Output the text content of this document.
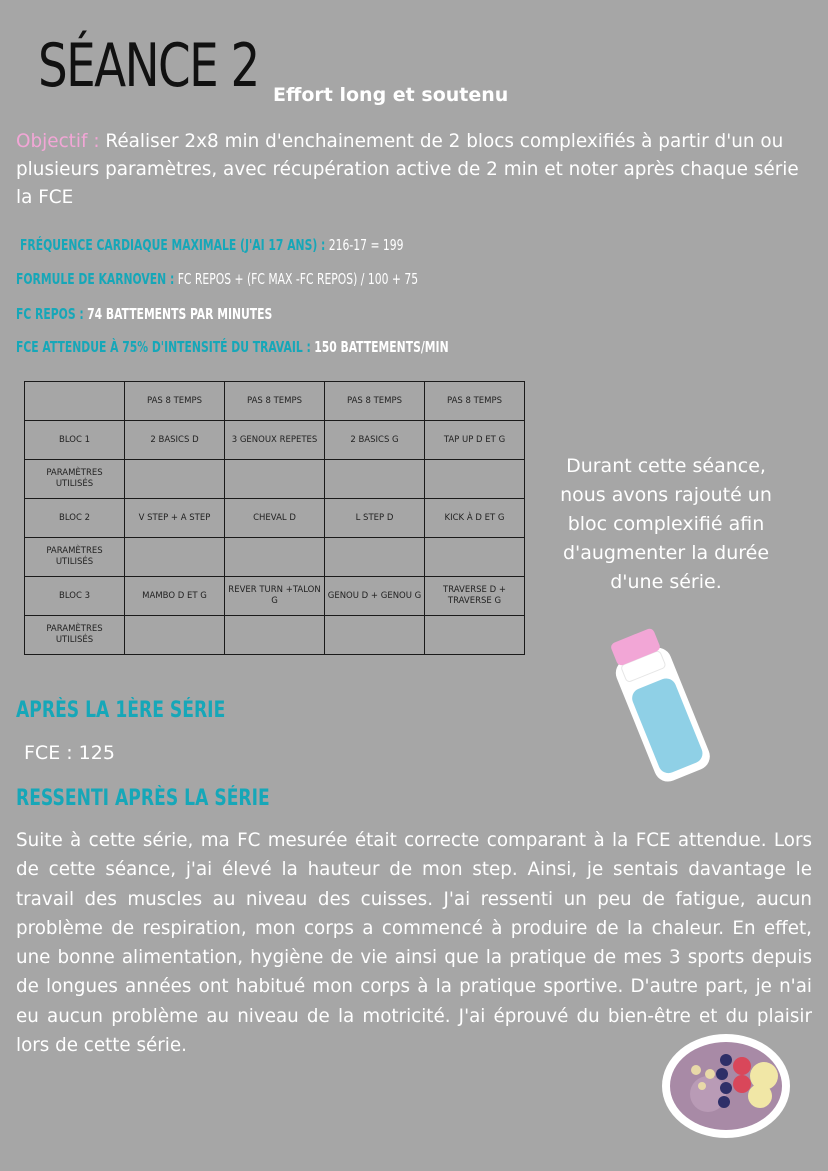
SÉANCE 2 Effort long et soutenu
Objectif : Réaliser 2x8 min d'enchainement de 2 blocs complexifiés à partir d'un ou plusieurs paramètres, avec récupération active de 2 min et noter après chaque série la FCE
FRÉQUENCE CARDIAQUE MAXIMALE (J'AI 17 ANS) : 216-17 = 199
FORMULE DE KARNOVEN : FC REPOS + (FC MAX -FC REPOS) / 100 + 75
FC REPOS : 74 BATTEMENTS PAR MINUTES
FCE ATTENDUE À 75% D'INTENSITÉ DU TRAVAIL : 150 BATTEMENTS/MIN
	PAS 8 TEMPS	PAS 8 TEMPS	PAS 8 TEMPS	PAS 8 TEMPS
BLOC 1	2 BASICS D	3 GENOUX REPETES	2 BASICS G	TAP UP D ET G
PARAMÈTRES UTILISÉS				
BLOC 2	V STEP + A STEP	CHEVAL D	L STEP D	KICK À D ET G
PARAMÈTRES UTILISÉS				
BLOC 3	MAMBO D ET G	REVER TURN +TALON G	GENOU D + GENOU G	TRAVERSE D + TRAVERSE G
PARAMÈTRES UTILISÉS				
Durant cette séance, nous avons rajouté un bloc complexifié afin d'augmenter la durée d'une série.
APRÈS LA 1ÈRE SÉRIE
FCE : 125
RESSENTI APRÈS LA SÉRIE
Suite à cette série, ma FC mesurée était correcte comparant à la FCE attendue. Lors de cette séance, j'ai élevé la hauteur de mon step. Ainsi, je sentais davantage le travail des muscles au niveau des cuisses. J'ai ressenti un peu de fatigue, aucun problème de respiration, mon corps a commencé à produire de la chaleur. En effet, une bonne alimentation, hygiène de vie ainsi que la pratique de mes 3 sports depuis de longues années ont habitué mon corps à la pratique sportive. D'autre part, je n'ai eu aucun problème au niveau de la motricité. J'ai éprouvé du bien-être et du plaisir lors de cette série.
